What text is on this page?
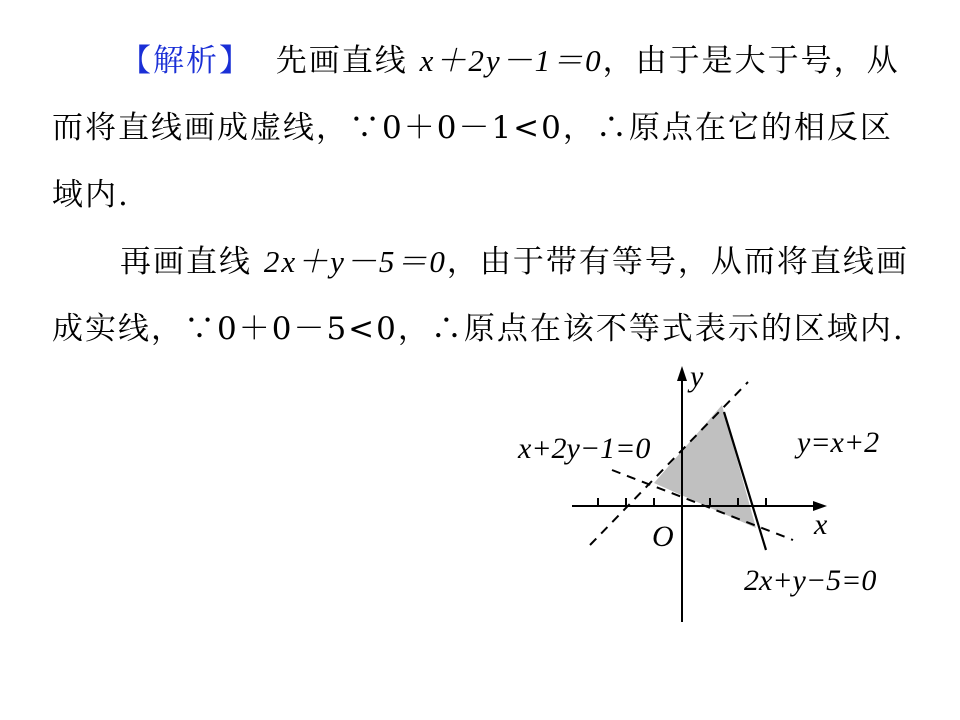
【解析】 先画直线 x＋2y－1＝0，由于是大于号，从而将直线画成虚线，∵0＋0－1<0，∴原点在它的相反区域内.

再画直线 2x＋y－5＝0，由于带有等号，从而将直线画成实线，∵0＋0－5<0，∴原点在该不等式表示的区域内.

x
y
O
x+2y−1=0	y=x+2
2x+y−5=0
